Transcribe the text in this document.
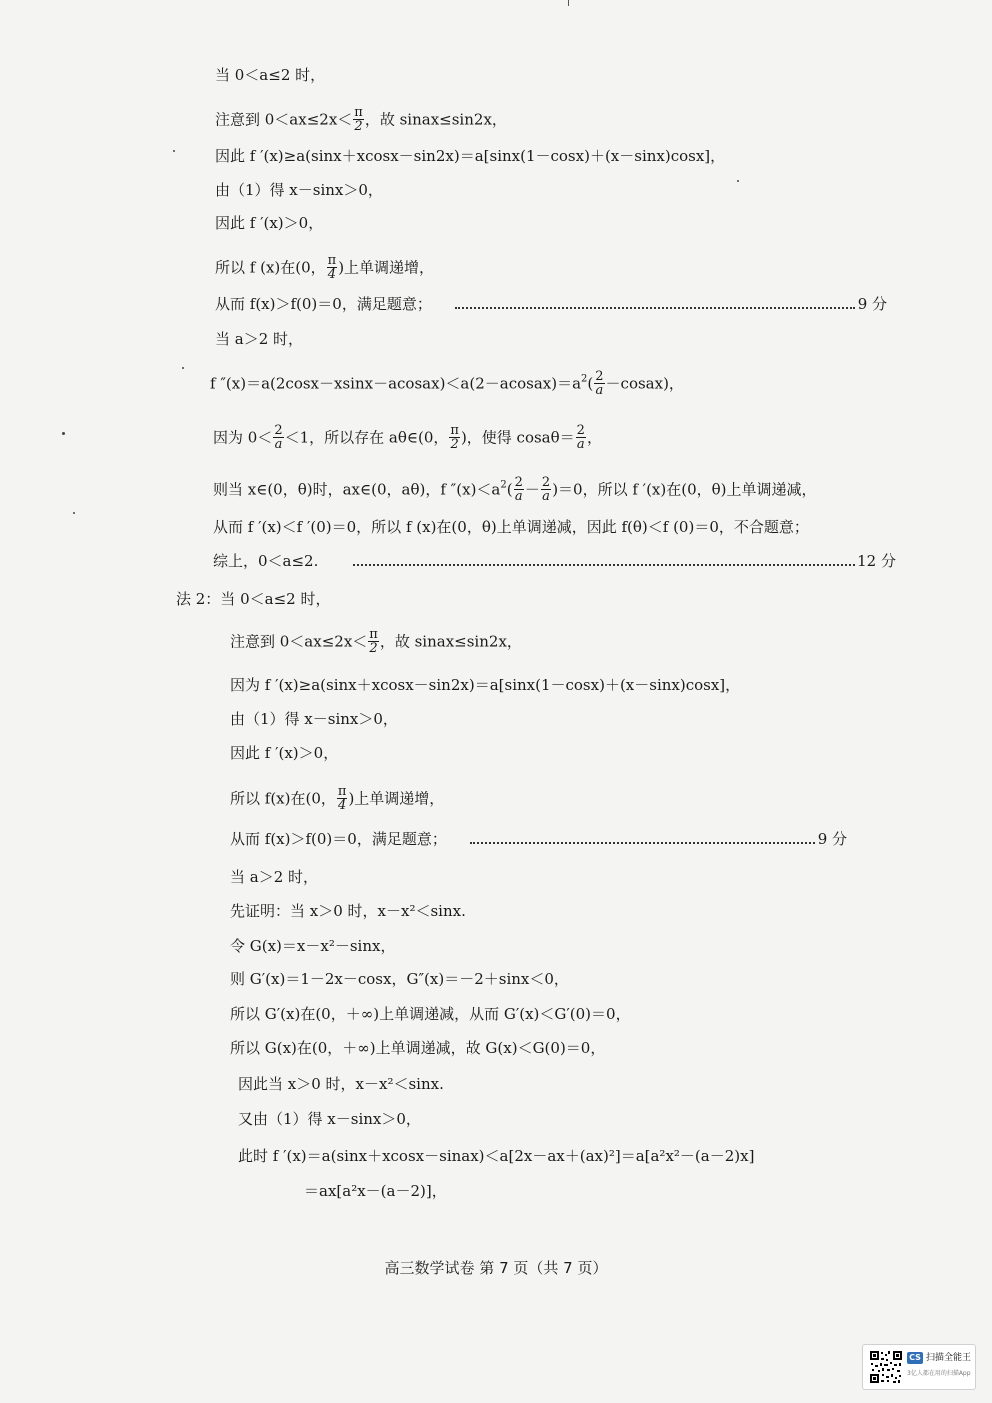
当 0＜a≤2 时，
注意到 $0<ax\le 2x< \frac{\pi}{2}$ ，故 sinax≤sin2x，
因此 f ′(x)≥a(sinx＋xcosx－sin2x)＝a[sinx(1－cosx)＋(x－sinx)cosx]，
由（1）得 x－sinx＞0，
因此 f ′(x)＞0，
所以 f (x)在(0， $\frac{\pi}{4}$ )上单调递增，
从而 f(x)＞f(0)＝0，满足题意；	9 分
当 a＞2 时，
f $''(x)=a(2\cos x-xsinx-acosax)<a(2-acosax)=a^2( \frac{2}{a}$ －cosax)，
因为 $0< \frac{2}{a} <1$，所以存在 aθ∈(0， $\frac{\pi}{2}$ )，使得 $\cos a\theta= \frac{2}{a}$ ，
则当 x∈(0，θ)时，ax∈(0，aθ)，f $''(x)<a^2( \frac{2}{a} - \frac{2}{a} )=0$，所以 f ′(x)在(0，θ)上单调递减，
从而 f ′(x)＜f ′(0)＝0，所以 f (x)在(0，θ)上单调递减，因此 f(θ)＜f (0)＝0，不合题意；
综上，0＜a≤2.	12 分
法 2：当 0＜a≤2 时，
注意到 $0<ax\le 2x< \frac{\pi}{2}$ ，故 sinax≤sin2x，
因为 f ′(x)≥a(sinx＋xcosx－sin2x)＝a[sinx(1－cosx)＋(x－sinx)cosx]，
由（1）得 x－sinx＞0，
因此 f ′(x)＞0，
所以 f(x)在(0， $\frac{\pi}{4}$ )上单调递增，
从而 f(x)＞f(0)＝0，满足题意；	9 分
当 a＞2 时，
先证明：当 x＞0 时，x－x²＜sinx.
令 G(x)＝x－x²－sinx，
则 G′(x)＝1－2x－cosx，G″(x)＝－2＋sinx＜0，
所以 G′(x)在(0，＋∞)上单调递减，从而 G′(x)＜G′(0)＝0，
所以 G(x)在(0，＋∞)上单调递减，故 G(x)＜G(0)＝0，
因此当 x＞0 时，x－x²＜sinx.
又由（1）得 x－sinx＞0，
此时 f ′(x)＝a(sinx＋xcosx－sinax)＜a[2x－ax＋(ax)²]＝a[a²x²－(a－2)x]
＝ax[a²x－(a－2)]，
高三数学试卷 第 7 页（共 7 页）
CS 扫描全能王
3亿人都在用的扫描App
